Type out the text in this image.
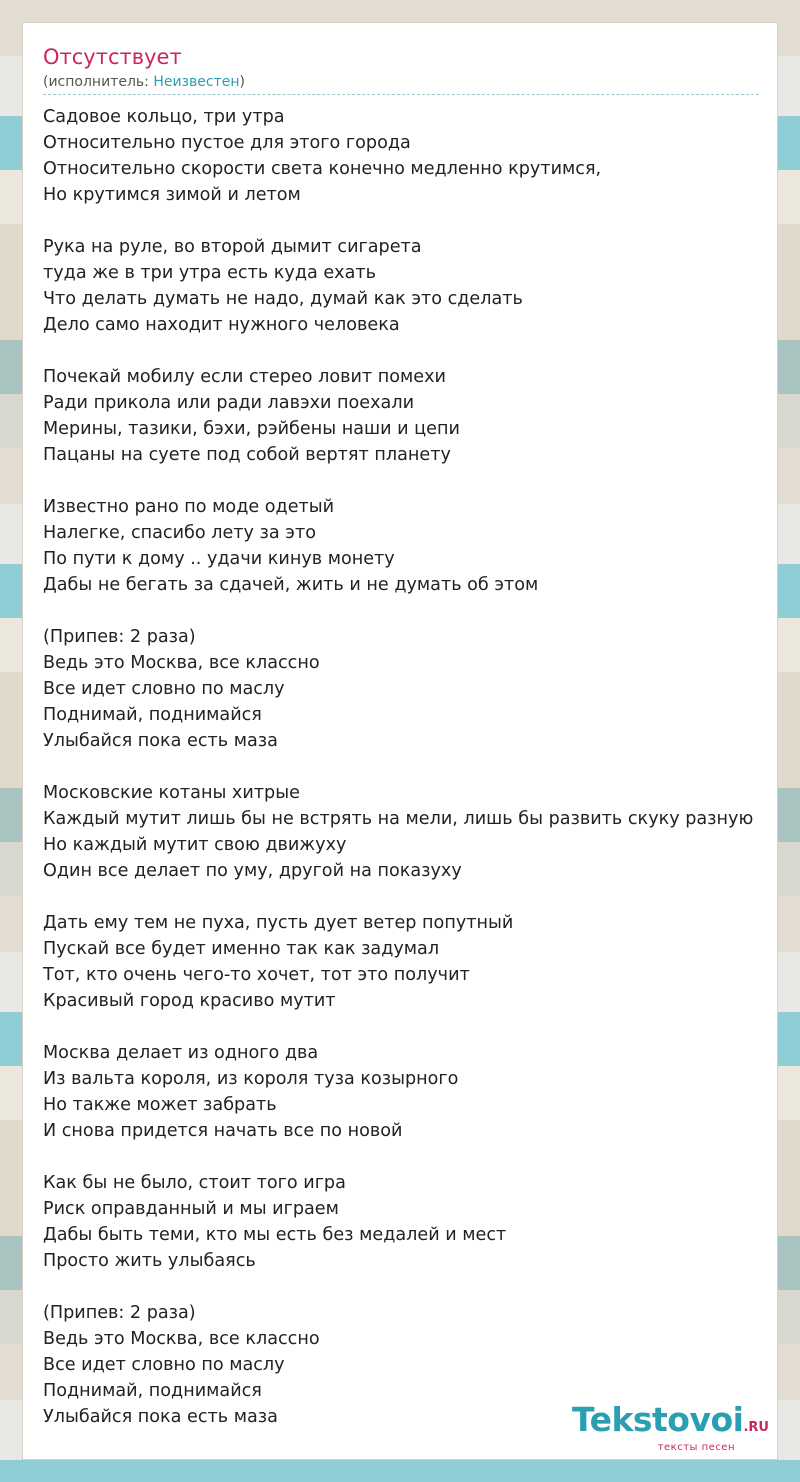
Отсутствует
(исполнитель: Неизвестен)
Садовое кольцо, три утра
Относительно пустое для этого города
Относительно скорости света конечно медленно крутимся,
Но крутимся зимой и летом
Рука на руле, во второй дымит сигарета
туда же в три утра есть куда ехать
Что делать думать не надо, думай как это сделать
Дело само находит нужного человека
Почекай мобилу если стерео ловит помехи
Ради прикола или ради лавэхи поехали
Мерины, тазики, бэхи, рэйбены наши и цепи
Пацаны на суете под собой вертят планету
Известно рано по моде одетый
Налегке, спасибо лету за это
По пути к дому .. удачи кинув монету
Дабы не бегать за сдачей, жить и не думать об этом
(Припев: 2 раза)
Ведь это Москва, все классно
Все идет словно по маслу
Поднимай, поднимайся
Улыбайся пока есть маза
Московские котаны хитрые
Каждый мутит лишь бы не встрять на мели, лишь бы развить скуку разную
Но каждый мутит свою движуху
Один все делает по уму, другой на показуху
Дать ему тем не пуха, пусть дует ветер попутный
Пускай все будет именно так как задумал
Тот, кто очень чего-то хочет, тот это получит
Красивый город красиво мутит
Москва делает из одного два
Из вальта короля, из короля туза козырного
Но также может забрать
И снова придется начать все по новой
Как бы не было, стоит того игра
Риск оправданный и мы играем
Дабы быть теми, кто мы есть без медалей и мест
Просто жить улыбаясь
(Припев: 2 раза)
Ведь это Москва, все классно
Все идет словно по маслу
Поднимай, поднимайся
Улыбайся пока есть маза	Tekstovoi.RU
тексты песен
